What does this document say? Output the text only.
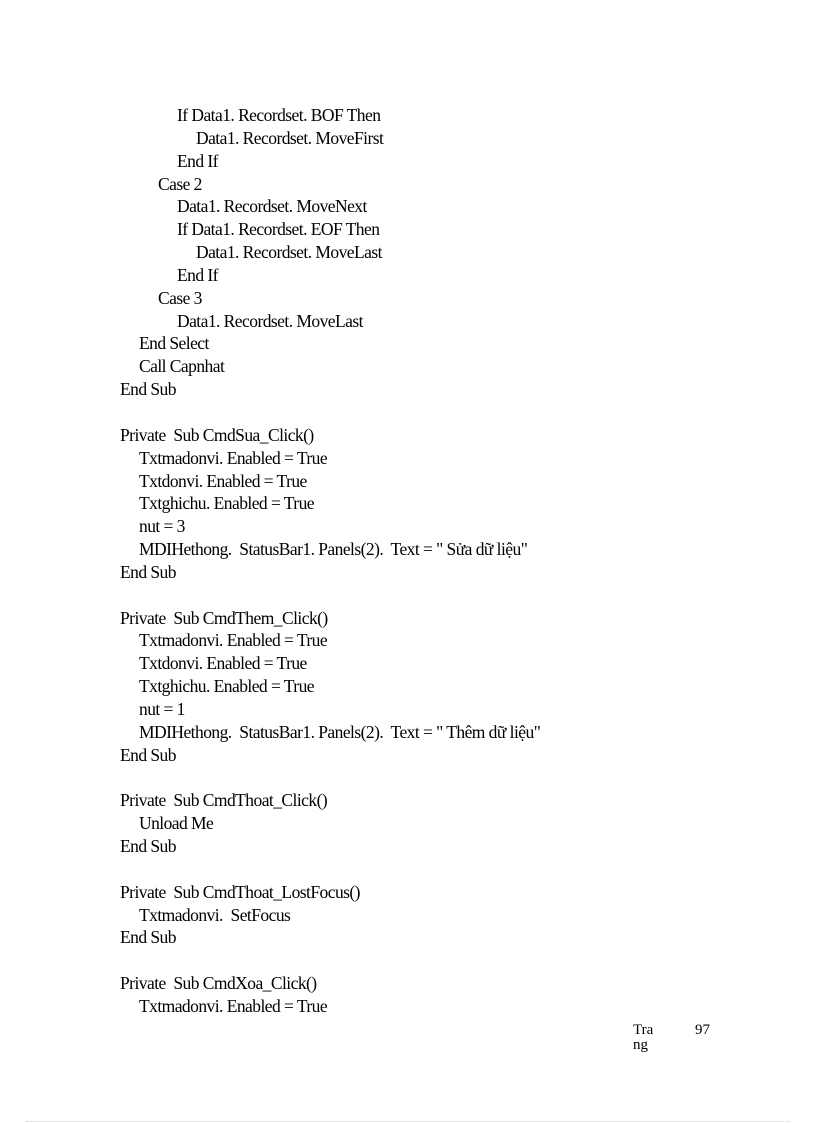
If Data1. Recordset. BOF Then
Data1. Recordset. MoveFirst
End If
Case 2
Data1. Recordset. MoveNext
If Data1. Recordset. EOF Then
Data1. Recordset. MoveLast
End If
Case 3
Data1. Recordset. MoveLast
End Select
Call Capnhat
End Sub
Private  Sub CmdSua_Click()
Txtmadonvi. Enabled = True
Txtdonvi. Enabled = True
Txtghichu. Enabled = True
nut = 3
MDIHethong.  StatusBar1. Panels(2).  Text = " Sửa dữ liệu"
End Sub
Private  Sub CmdThem_Click()
Txtmadonvi. Enabled = True
Txtdonvi. Enabled = True
Txtghichu. Enabled = True
nut = 1
MDIHethong.  StatusBar1. Panels(2).  Text = " Thêm dữ liệu"
End Sub
Private  Sub CmdThoat_Click()
Unload Me
End Sub
Private  Sub CmdThoat_LostFocus()
Txtmadonvi.  SetFocus
End Sub
Private  Sub CmdXoa_Click()
Txtmadonvi. Enabled = True
Trang
97
